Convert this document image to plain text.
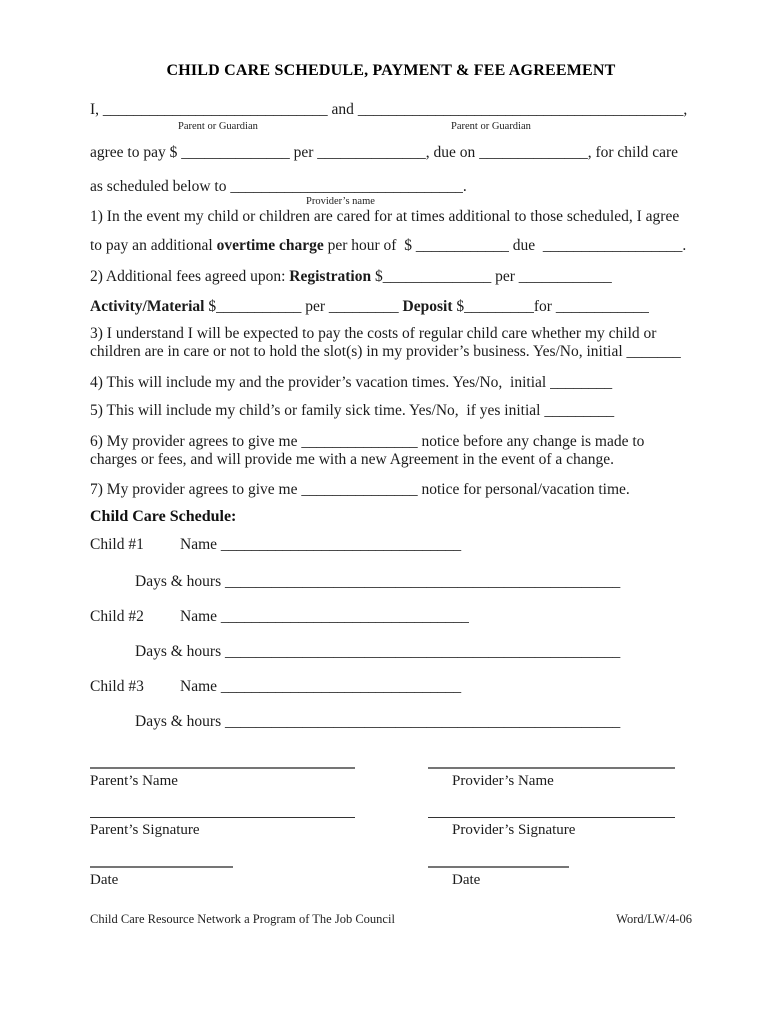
CHILD CARE SCHEDULE, PAYMENT & FEE AGREEMENT
I, _____________________________ and __________________________________________,
Parent or Guardian	Parent or Guardian
agree to pay $ ______________ per ______________, due on ______________, for child care
as scheduled below to ______________________________.
Provider’s name
1) In the event my child or children are cared for at times additional to those scheduled, I agree
to pay an additional overtime charge per hour of  $ ____________ due  __________________.
2) Additional fees agreed upon: Registration $______________ per ____________
Activity/Material $___________ per _________ Deposit $_________for ____________
3) I understand I will be expected to pay the costs of regular child care whether my child or
children are in care or not to hold the slot(s) in my provider’s business. Yes/No, initial _______
4) This will include my and the provider’s vacation times. Yes/No,  initial ________
5) This will include my child’s or family sick time. Yes/No,  if yes initial _________
6) My provider agrees to give me _______________ notice before any change is made to
charges or fees, and will provide me with a new Agreement in the event of a change.
7) My provider agrees to give me _______________ notice for personal/vacation time.
Child Care Schedule:
Child #1 Name _______________________________
Days & hours ___________________________________________________
Child #2 Name ________________________________
Days & hours ___________________________________________________
Child #3 Name _______________________________
Days & hours ___________________________________________________
Parent’s Name
Parent’s Signature
Date
Provider’s Name
Provider’s Signature
Date
Child Care Resource Network a Program of The Job Council	Word/LW/4-06
